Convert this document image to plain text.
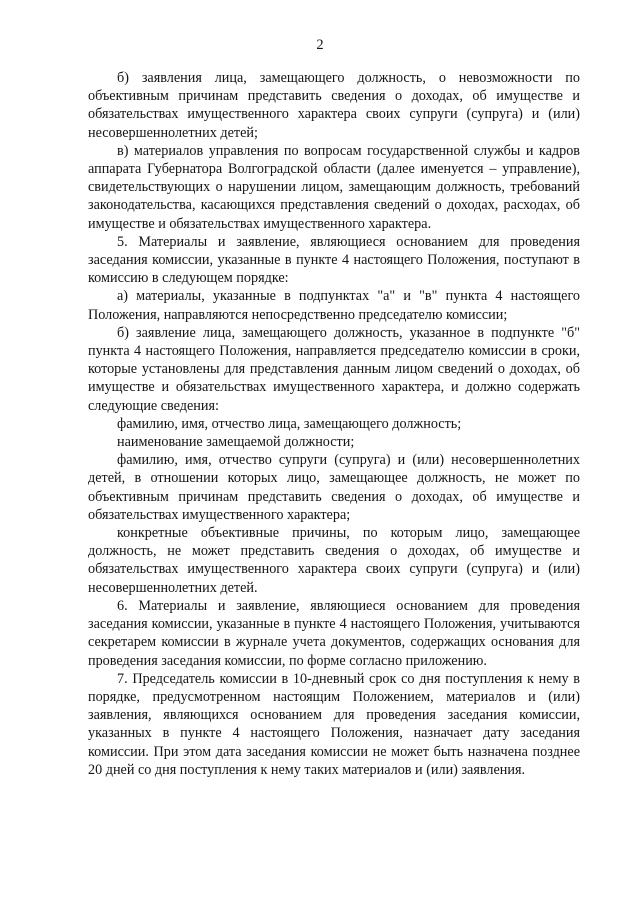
2

б) заявления лица, замещающего должность, о невозможности по объективным причинам представить сведения о доходах, об имуществе и обязательствах имущественного характера своих супруги (супруга) и (или) несовершеннолетних детей;

в) материалов управления по вопросам государственной службы и кадров аппарата Губернатора Волгоградской области (далее именуется – управление), свидетельствующих о нарушении лицом, замещающим должность, требований законодательства, касающихся представления сведений о доходах, расходах, об имуществе и обязательствах имущественного характера.

5. Материалы и заявление, являющиеся основанием для проведения заседания комиссии, указанные в пункте 4 настоящего Положения, поступают в комиссию в следующем порядке:

а) материалы, указанные в подпунктах "а" и "в" пункта 4 настоящего Положения, направляются непосредственно председателю комиссии;

б) заявление лица, замещающего должность, указанное в подпункте "б" пункта 4 настоящего Положения, направляется председателю комиссии в сроки, которые установлены для представления данным лицом сведений о доходах, об имуществе и обязательствах имущественного характера, и должно содержать следующие сведения:

фамилию, имя, отчество лица, замещающего должность;

наименование замещаемой должности;

фамилию, имя, отчество супруги (супруга) и (или) несовершеннолетних детей, в отношении которых лицо, замещающее должность, не может по объективным причинам представить сведения о доходах, об имуществе и обязательствах имущественного характера;

конкретные объективные причины, по которым лицо, замещающее должность, не может представить сведения о доходах, об имуществе и обязательствах имущественного характера своих супруги (супруга) и (или) несовершеннолетних детей.

6. Материалы и заявление, являющиеся основанием для проведения заседания комиссии, указанные в пункте 4 настоящего Положения, учитываются секретарем комиссии в журнале учета документов, содержащих основания для проведения заседания комиссии, по форме согласно приложению.

7. Председатель комиссии в 10-дневный срок со дня поступления к нему в порядке, предусмотренном настоящим Положением, материалов и (или) заявления, являющихся основанием для проведения заседания комиссии, указанных в пункте 4 настоящего Положения, назначает дату заседания комиссии. При этом дата заседания комиссии не может быть назначена позднее 20 дней со дня поступления к нему таких материалов и (или) заявления.
